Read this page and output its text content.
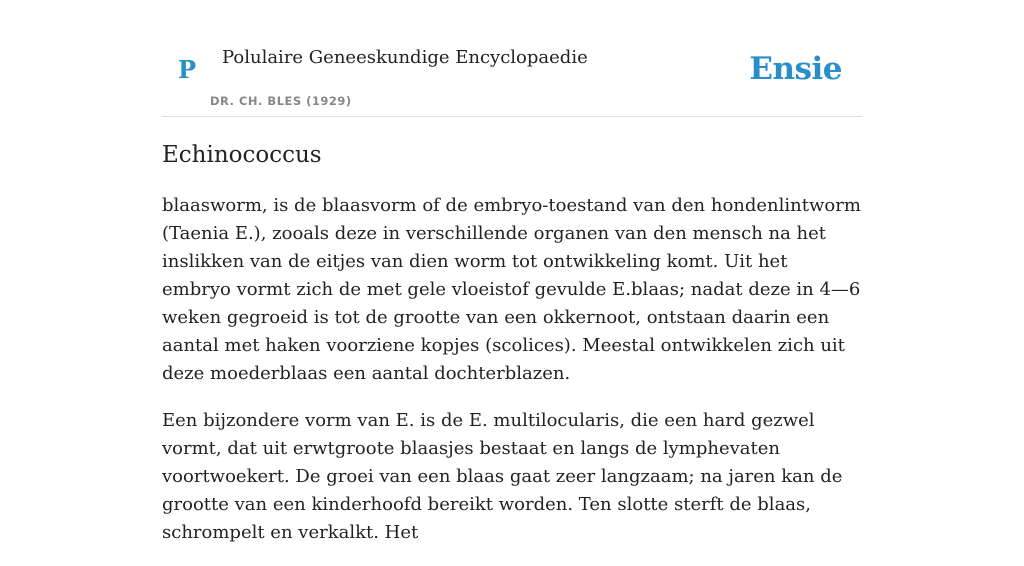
P Polulaire Geneeskundige Encyclopaedie
DR. CH. BLES (1929)
Ensie
Echinococcus

blaasworm, is de blaasvorm of de embryo-toestand van den hondenlintworm (Taenia E.), zooals deze in verschillende organen van den mensch na het inslikken van de eitjes van dien worm tot ontwikkeling komt. Uit het embryo vormt zich de met gele vloeistof gevulde E.blaas; nadat deze in 4—6 weken gegroeid is tot de grootte van een okkernoot, ontstaan daarin een aantal met haken voorziene kopjes (scolices). Meestal ontwikkelen zich uit deze moederblaas een aantal dochterblazen.

Een bijzondere vorm van E. is de E. multilocularis, die een hard gezwel vormt, dat uit erwtgroote blaasjes bestaat en langs de lymphevaten voortwoekert. De groei van een blaas gaat zeer langzaam; na jaren kan de grootte van een kinderhoofd bereikt worden. Ten slotte sterft de blaas, schrompelt en verkalkt. Het
